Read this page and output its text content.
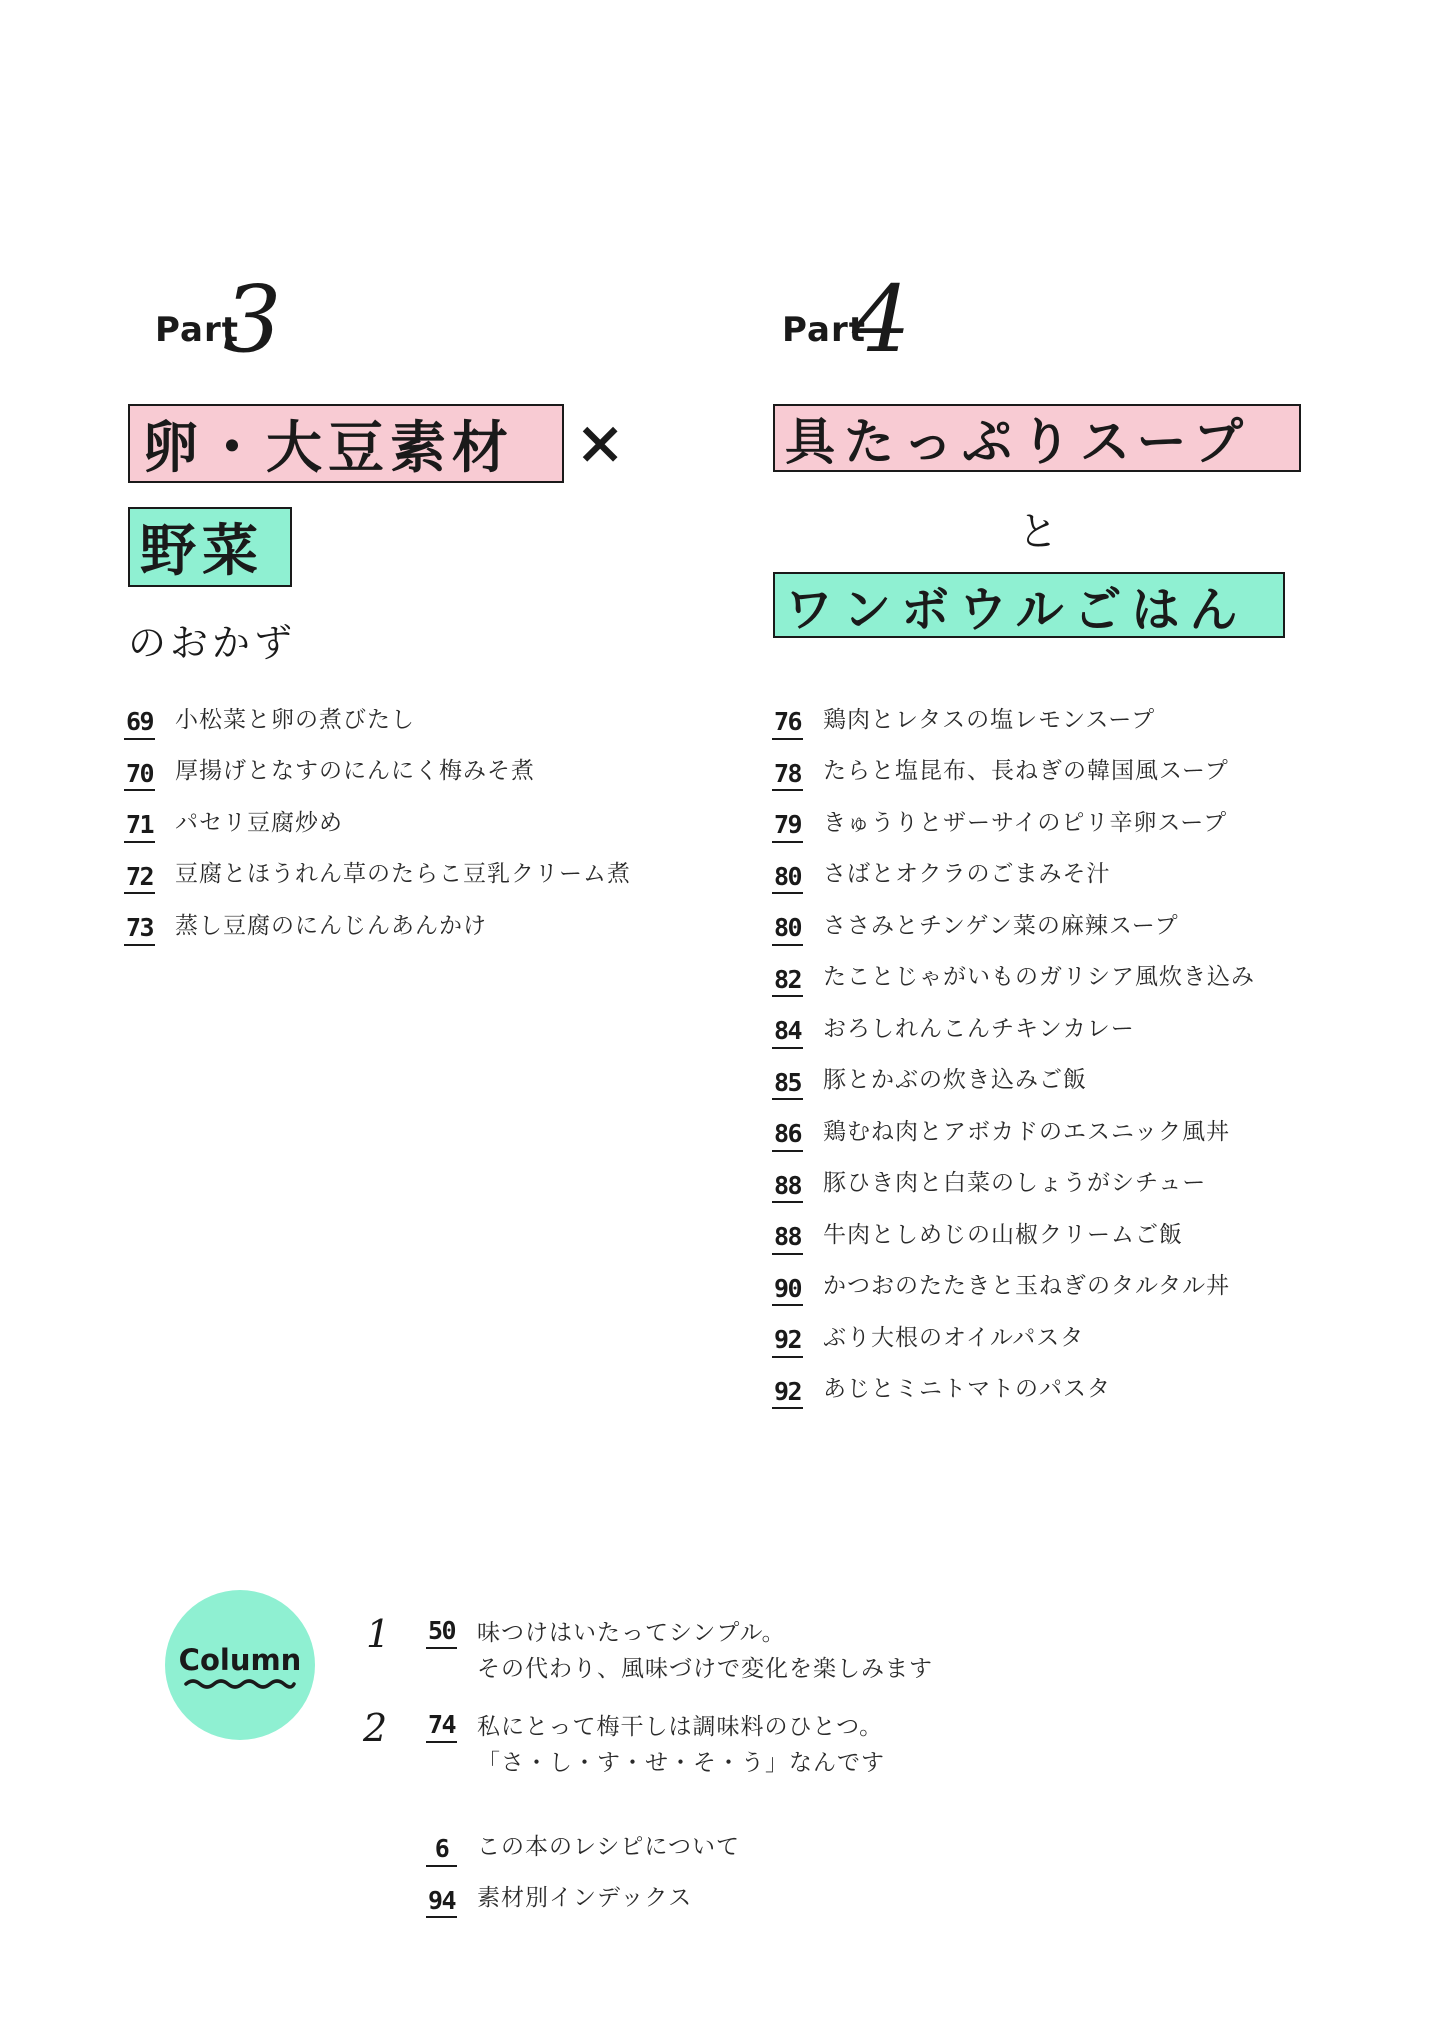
Part
3
卵・大豆素材 ×
野菜
のおかず
69 小松菜と卵の煮びたし
70 厚揚げとなすのにんにく梅みそ煮
71 パセリ豆腐炒め
72 豆腐とほうれん草のたらこ豆乳クリーム煮
73 蒸し豆腐のにんじんあんかけ
Part
4
具たっぷりスープ
と
ワンボウルごはん
76 鶏肉とレタスの塩レモンスープ
78 たらと塩昆布、長ねぎの韓国風スープ
79 きゅうりとザーサイのピリ辛卵スープ
80 さばとオクラのごまみそ汁
80 ささみとチンゲン菜の麻辣スープ
82 たことじゃがいものガリシア風炊き込み
84 おろしれんこんチキンカレー
85 豚とかぶの炊き込みご飯
86 鶏むね肉とアボカドのエスニック風丼
88 豚ひき肉と白菜のしょうがシチュー
88 牛肉としめじの山椒クリームご飯
90 かつおのたたきと玉ねぎのタルタル丼
92 ぶり大根のオイルパスタ
92 あじとミニトマトのパスタ
Column
1 50 味つけはいたってシンプル。
その代わり、風味づけで変化を楽しみます
2 74 私にとって梅干しは調味料のひとつ。
「さ・し・す・せ・そ・う」なんです
6	この本のレシピについて
94 素材別インデックス
